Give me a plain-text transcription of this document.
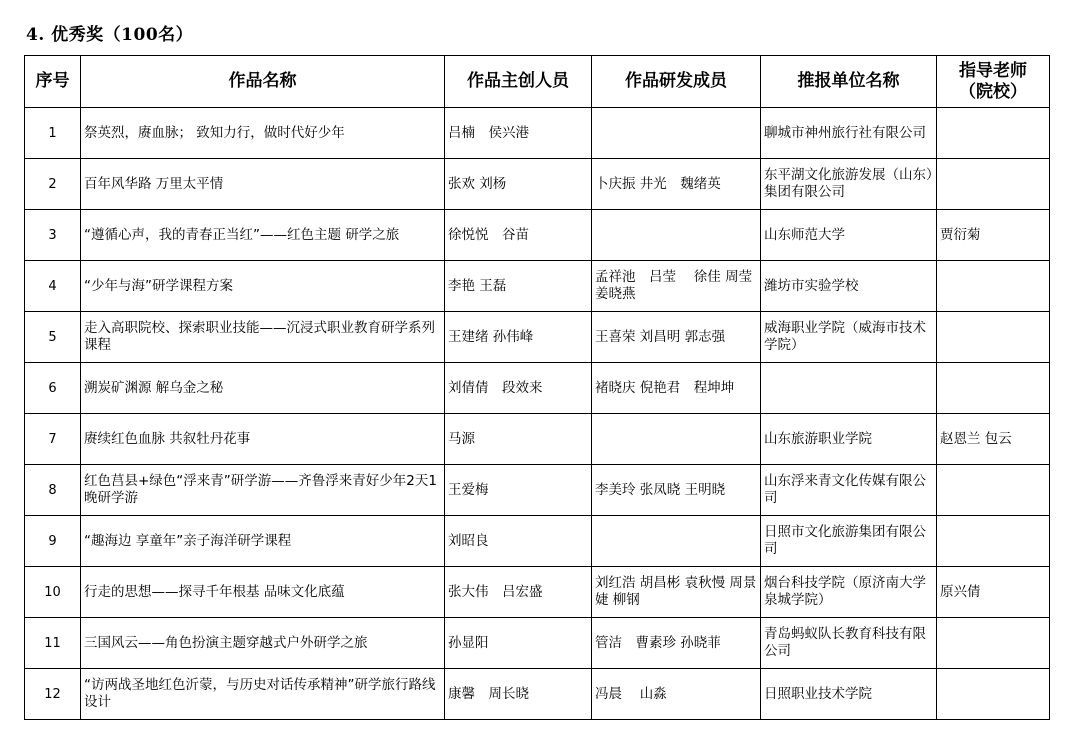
4. 优秀奖（100名）
序号	作品名称	作品主创人员	作品研发成员	推报单位名称	指导老师
（院校）
1	祭英烈，赓血脉； 致知力行，做时代好少年	吕楠　侯兴港		聊城市神州旅行社有限公司	
2	百年风华路 万里太平情	张欢 刘杨	卜庆振 井光　魏绪英	东平湖文化旅游发展（山东）集团有限公司	
3	“遵循心声，我的青春正当红”——红色主题 研学之旅	徐悦悦　谷苗		山东师范大学	贾衍菊
4	“少年与海”研学课程方案	李艳 王磊	孟祥池　吕莹　 徐佳 周莹　　姜晓燕	潍坊市实验学校	
5	走入高职院校、探索职业技能——沉浸式职业教育研学系列课程	王建绪 孙伟峰	王喜荣 刘昌明 郭志强	威海职业学院（威海市技术学院）	
6	溯炭矿渊源 解乌金之秘	刘倩倩　段效来	褚晓庆 倪艳君　程坤坤		
7	赓续红色血脉 共叙牡丹花事	马源		山东旅游职业学院	赵恩兰 包云
8	红色莒县+绿色“浮来青”研学游——齐鲁浮来青好少年2天1晚研学游	王爱梅	李美玲 张凤晓 王明晓	山东浮来青文化传媒有限公司	
9	“趣海边 享童年”亲子海洋研学课程	刘昭良		日照市文化旅游集团有限公司	
10	行走的思想——探寻千年根基 品味文化底蕴	张大伟　吕宏盛	刘红浩 胡昌彬 袁秋慢 周景婕 柳钢	烟台科技学院（原济南大学泉城学院）	原兴倩
11	三国风云——角色扮演主题穿越式户外研学之旅	孙显阳	管洁　曹素珍 孙晓菲	青岛蚂蚁队长教育科技有限公司	
12	“访两战圣地红色沂蒙，与历史对话传承精神”研学旅行路线设计	康馨　周长晓	冯晨　 山淼	日照职业技术学院	
